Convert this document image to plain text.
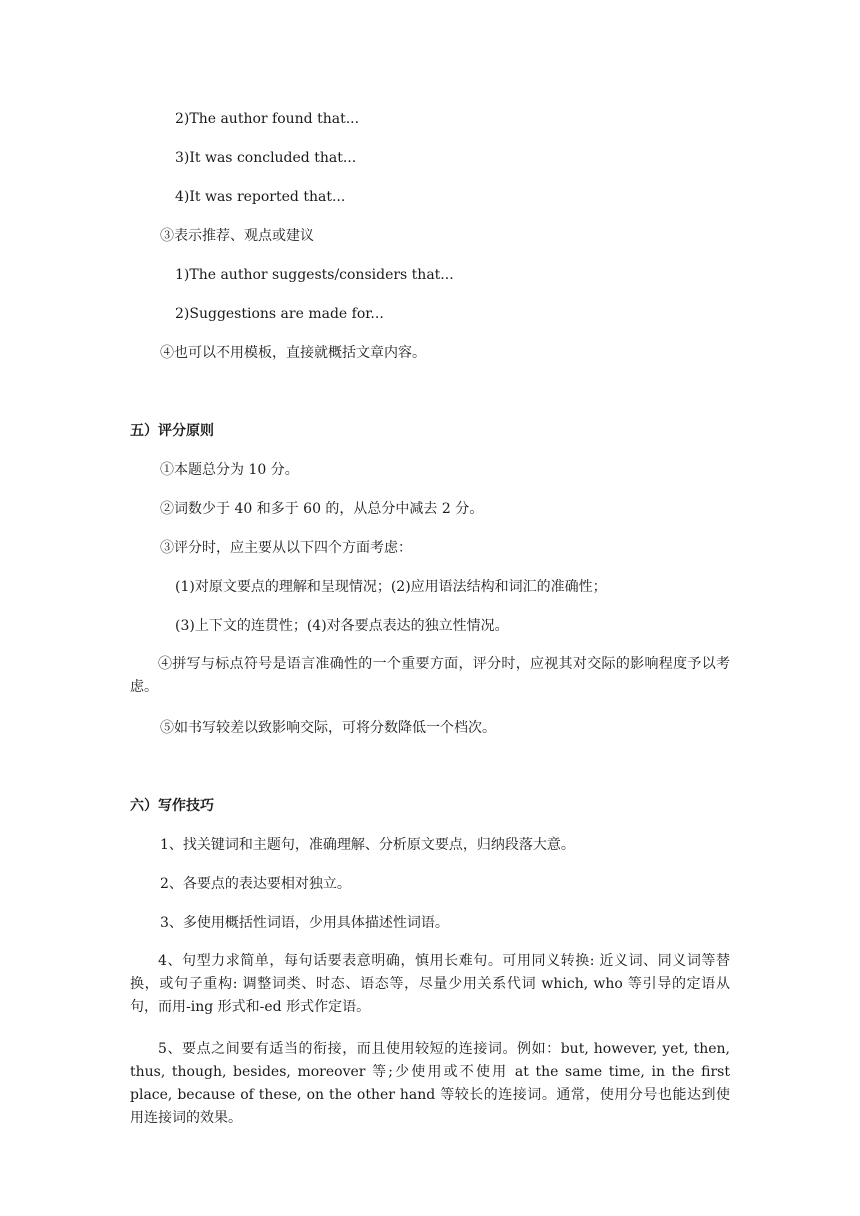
2)The author found that...
3)It was concluded that...
4)It was reported that...
③表示推荐、观点或建议
1)The author suggests/considers that...
2)Suggestions are made for...
④也可以不用模板，直接就概括文章内容。
五）评分原则
①本题总分为 10 分。
②词数少于 40 和多于 60 的，从总分中减去 2 分。
③评分时，应主要从以下四个方面考虑：
(1)对原文要点的理解和呈现情况；(2)应用语法结构和词汇的准确性；
(3)上下文的连贯性；(4)对各要点表达的独立性情况。
④拼写与标点符号是语言准确性的一个重要方面，评分时，应视其对交际的影响程度予以考虑。
⑤如书写较差以致影响交际，可将分数降低一个档次。
六）写作技巧
1、找关键词和主题句，准确理解、分析原文要点，归纳段落大意。
2、各要点的表达要相对独立。
3、多使用概括性词语，少用具体描述性词语。
4、句型力求简单，每句话要表意明确，慎用长难句。可用同义转换: 近义词、同义词等替换，或句子重构: 调整词类、时态、语态等，尽量少用关系代词 which, who 等引导的定语从句，而用-ing 形式和-ed 形式作定语。
5、要点之间要有适当的衔接，而且使用较短的连接词。例如：but, however, yet, then, thus, though, besides, moreover 等;少使用或不使用 at the same time, in the first place, because of these, on the other hand 等较长的连接词。通常，使用分号也能达到使用连接词的效果。
